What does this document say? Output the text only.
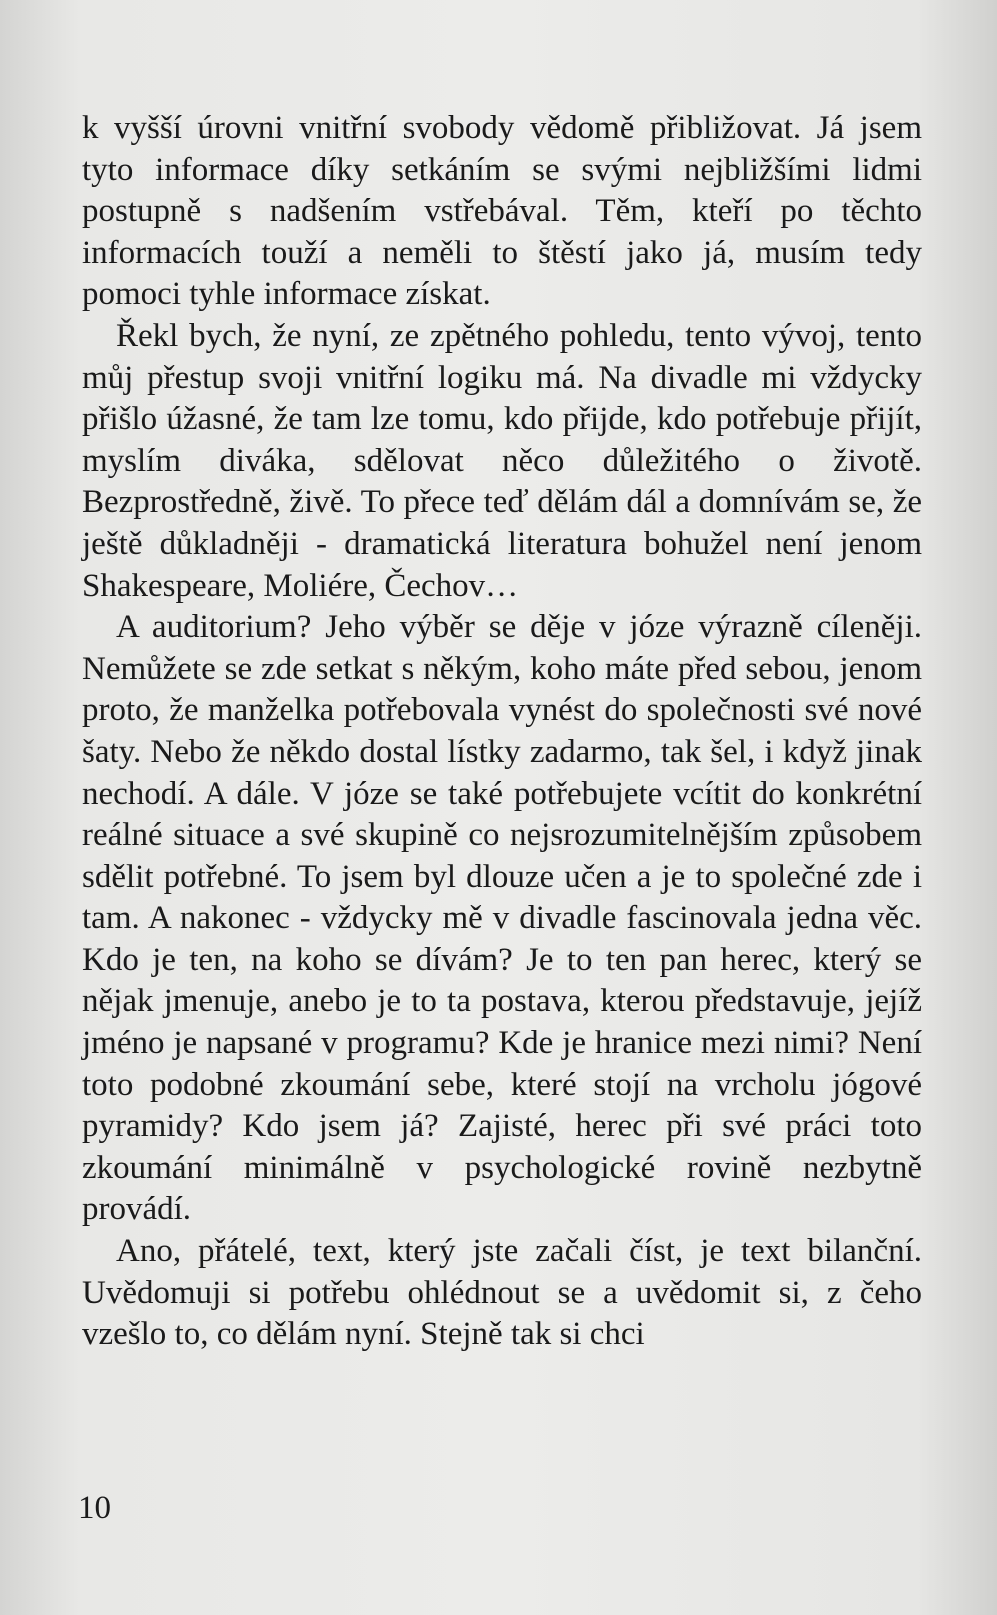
k vyšší úrovni vnitřní svobody vědomě přibližovat. Já jsem tyto informace díky setkáním se svými nejbližšími lidmi postupně s nadšením vstřebával. Těm, kteří po těchto informacích touží a neměli to štěstí jako já, musím tedy pomoci tyhle informace získat.

Řekl bych, že nyní, ze zpětného pohledu, tento vývoj, tento můj přestup svoji vnitřní logiku má. Na divadle mi vždycky přišlo úžasné, že tam lze tomu, kdo přijde, kdo potřebuje přijít, myslím diváka, sdělovat něco důležitého o životě. Bezprostředně, živě. To přece teď dělám dál a domnívám se, že ještě důkladněji - dramatická literatura bohužel není jenom Shakespeare, Moliére, Čechov…

A auditorium? Jeho výběr se děje v józe výrazně cíleněji. Nemůžete se zde setkat s někým, koho máte před sebou, jenom proto, že manželka potřebovala vynést do společnosti své nové šaty. Nebo že někdo dostal lístky zadarmo, tak šel, i když jinak nechodí. A dále. V józe se také potřebujete vcítit do konkrétní reálné situace a své skupině co nejsrozumitelnějším způsobem sdělit potřebné. To jsem byl dlouze učen a je to společné zde i tam. A nakonec - vždycky mě v divadle fascinovala jedna věc. Kdo je ten, na koho se dívám? Je to ten pan herec, který se nějak jmenuje, anebo je to ta postava, kterou představuje, jejíž jméno je napsané v programu? Kde je hranice mezi nimi? Není toto podobné zkoumání sebe, které stojí na vrcholu jógové pyramidy? Kdo jsem já? Zajisté, herec při své práci toto zkoumání minimálně v psychologické rovině nezbytně provádí.

Ano, přátelé, text, který jste začali číst, je text bilanční. Uvědomuji si potřebu ohlédnout se a uvědomit si, z čeho vzešlo to, co dělám nyní. Stejně tak si chci

10
